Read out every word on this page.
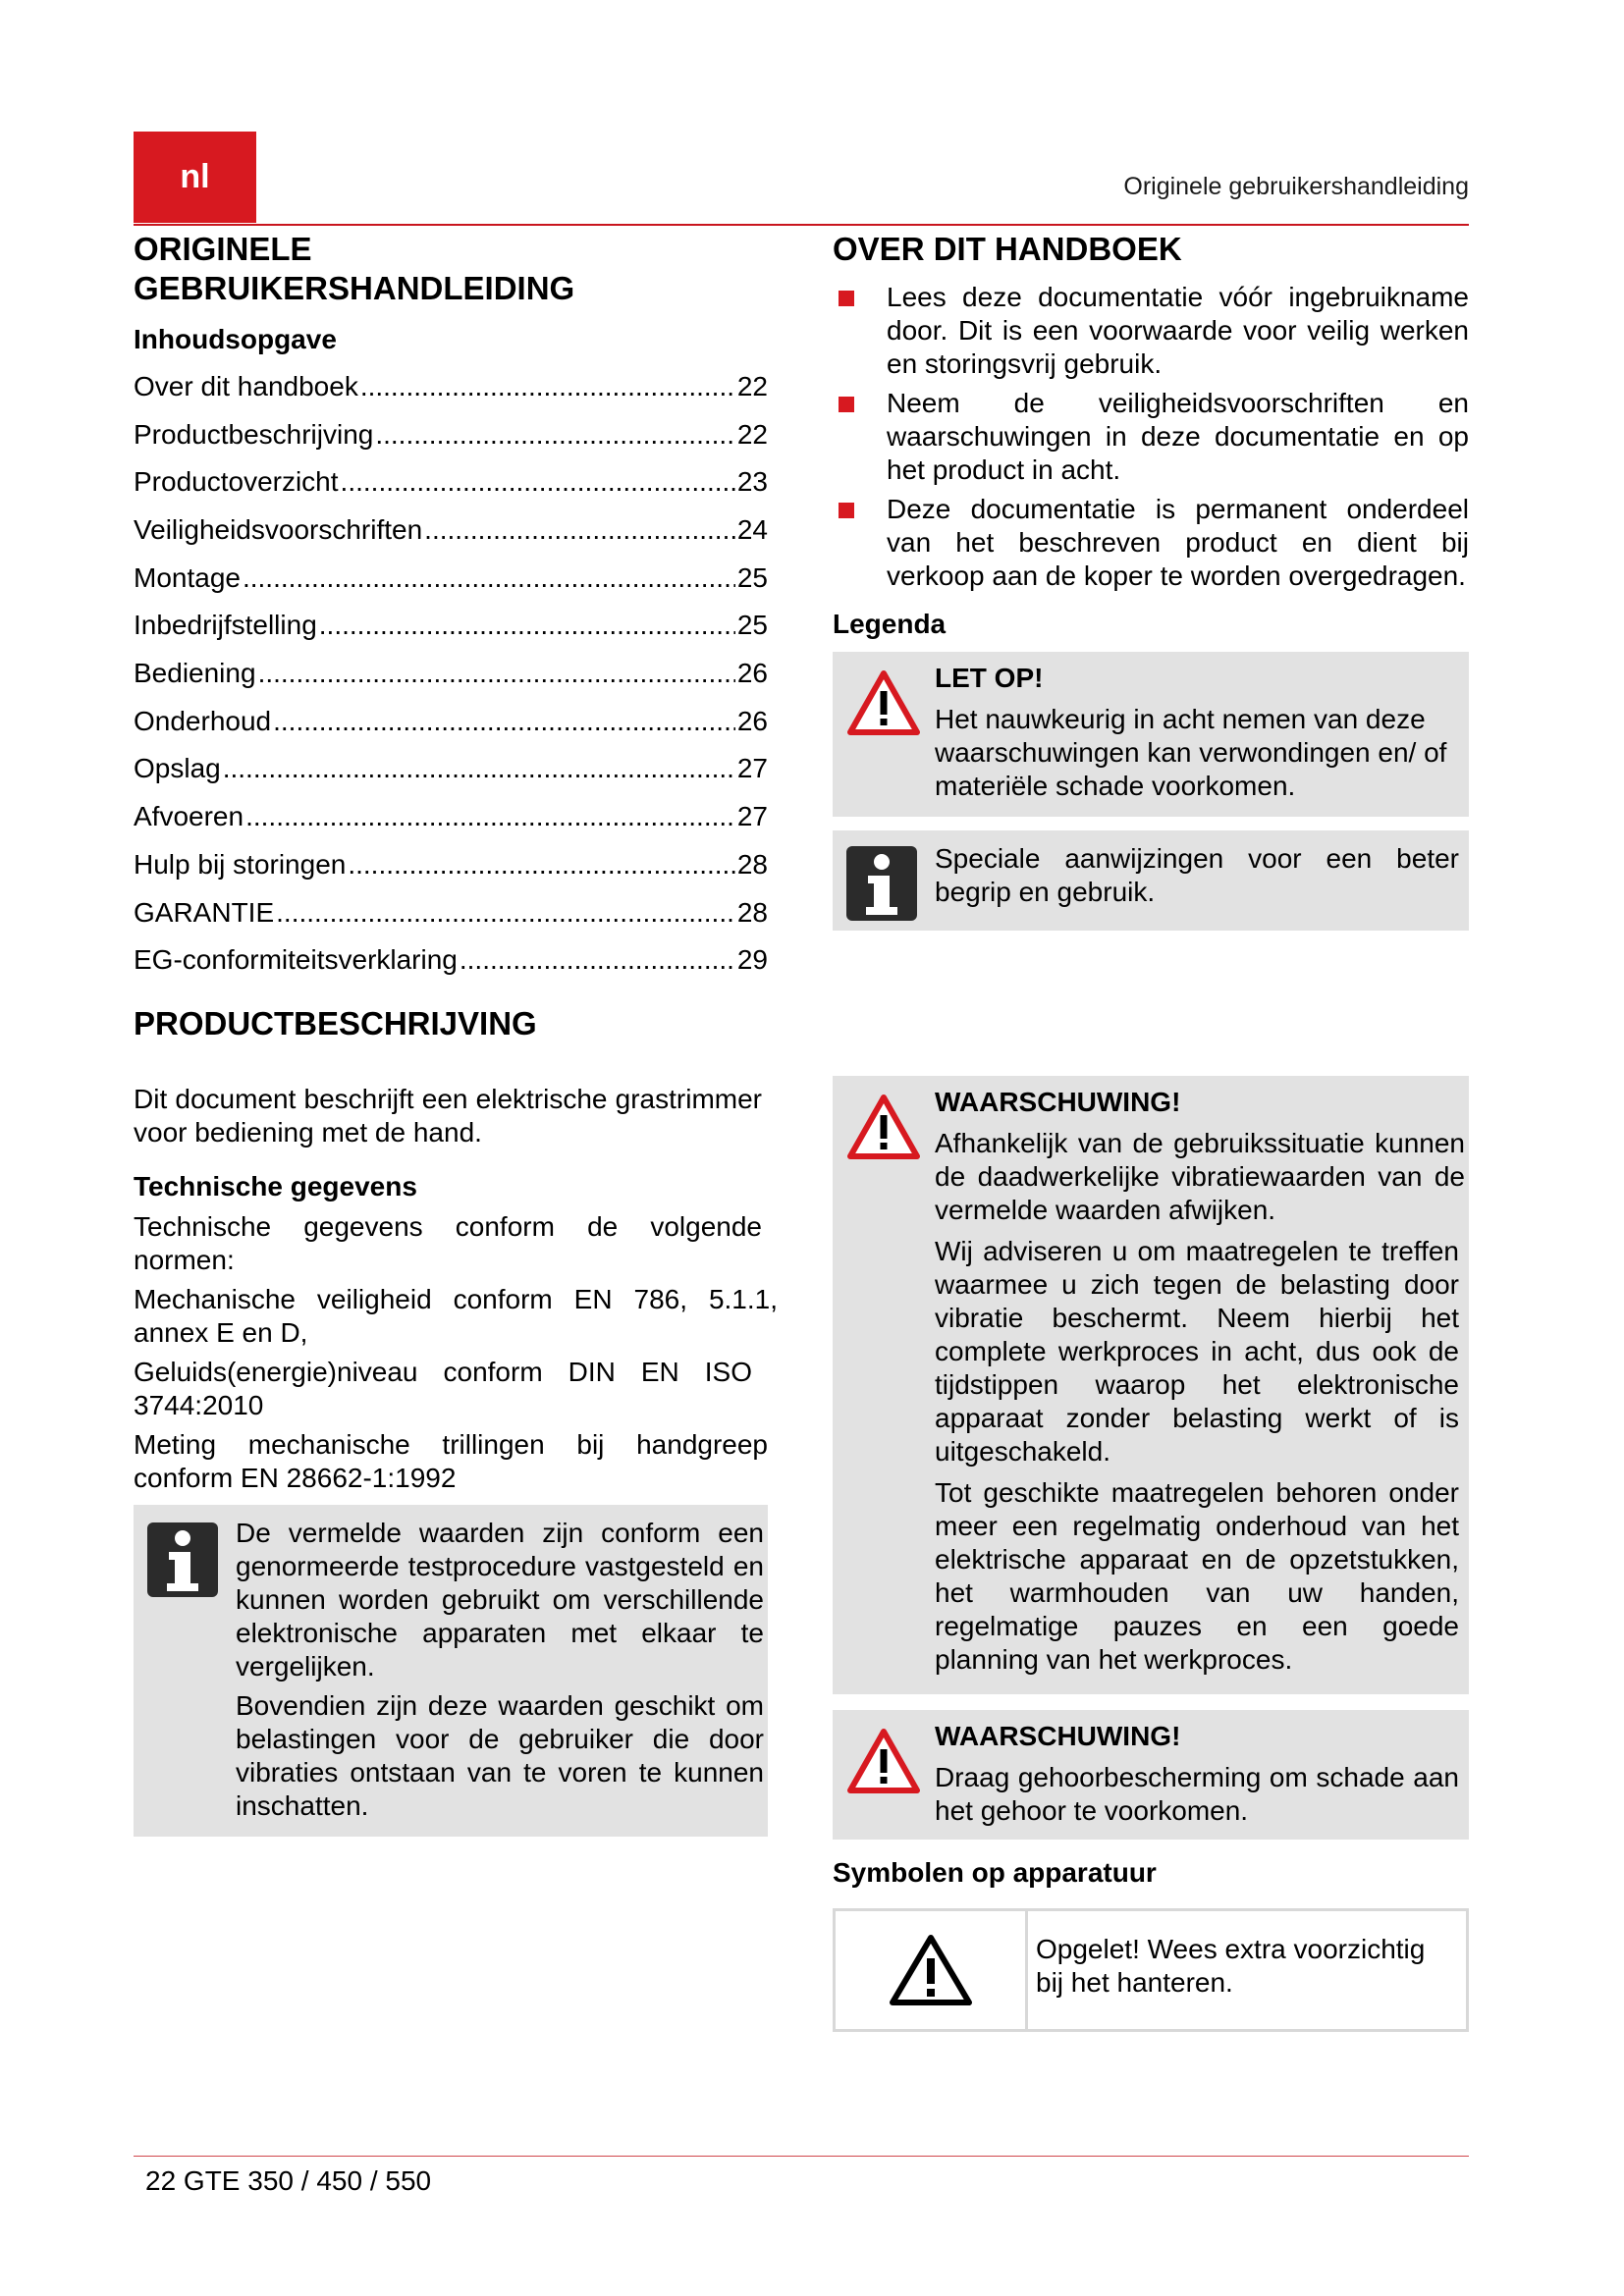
nl	Originele gebruikershandleiding
ORIGINELE
GEBRUIKERSHANDLEIDING
Inhoudsopgave
Over dit handboek .....	22
Productbeschrijving .....	22
Productoverzicht .....	23
Veiligheidsvoorschriften .....	24
Montage .....	25
Inbedrijfstelling .....	25
Bediening .....	26
Onderhoud .....	26
Opslag .....	27
Afvoeren .....	27
Hulp bij storingen .....	28
GARANTIE .....	28
EG-conformiteitsverklaring .....	29
PRODUCTBESCHRIJVING

Dit document beschrijft een elektrische grastrimmer voor bediening met de hand.

Technische gegevens

Technische gegevens conform de volgende normen:

Mechanische veiligheid conform EN 786, 5.1.1, annex E en D,

Geluids(energie)niveau conform DIN EN ISO 3744:2010

Meting mechanische trillingen bij handgreep conform EN 28662-1:1992

De vermelde waarden zijn conform een genormeerde testprocedure vastgesteld en kunnen worden gebruikt om verschillende elektronische apparaten met elkaar te vergelijken.

Bovendien zijn deze waarden geschikt om belastingen voor de gebruiker die door vibraties ontstaan van te voren te kunnen inschatten.

OVER DIT HANDBOEK
Lees deze documentatie vóór ingebruikname door. Dit is een voorwaarde voor veilig werken en storingsvrij gebruik.
Neem de veiligheidsvoorschriften en waarschuwingen in deze documentatie en op het product in acht.
Deze documentatie is permanent onderdeel van het beschreven product en dient bij verkoop aan de koper te worden overgedragen.
Legenda
LET OP!

Het nauwkeurig in acht nemen van deze waarschuwingen kan verwondingen en/ of materiële schade voorkomen.

Speciale aanwijzingen voor een beter begrip en gebruik.

WAARSCHUWING!

Afhankelijk van de gebruikssituatie kunnen de daadwerkelijke vibratiewaarden van de vermelde waarden afwijken.

Wij adviseren u om maatregelen te treffen waarmee u zich tegen de belasting door vibratie beschermt. Neem hierbij het complete werkproces in acht, dus ook de tijdstippen waarop het elektronische apparaat zonder belasting werkt of is uitgeschakeld.

Tot geschikte maatregelen behoren onder meer een regelmatig onderhoud van het elektrische apparaat en de opzetstukken, het warmhouden van uw handen, regelmatige pauzes en een goede planning van het werkproces.

WAARSCHUWING!

Draag gehoorbescherming om schade aan het gehoor te voorkomen.

Symbolen op apparatuur

Opgelet! Wees extra voorzichtig bij het hanteren.

22 GTE 350 / 450 / 550
